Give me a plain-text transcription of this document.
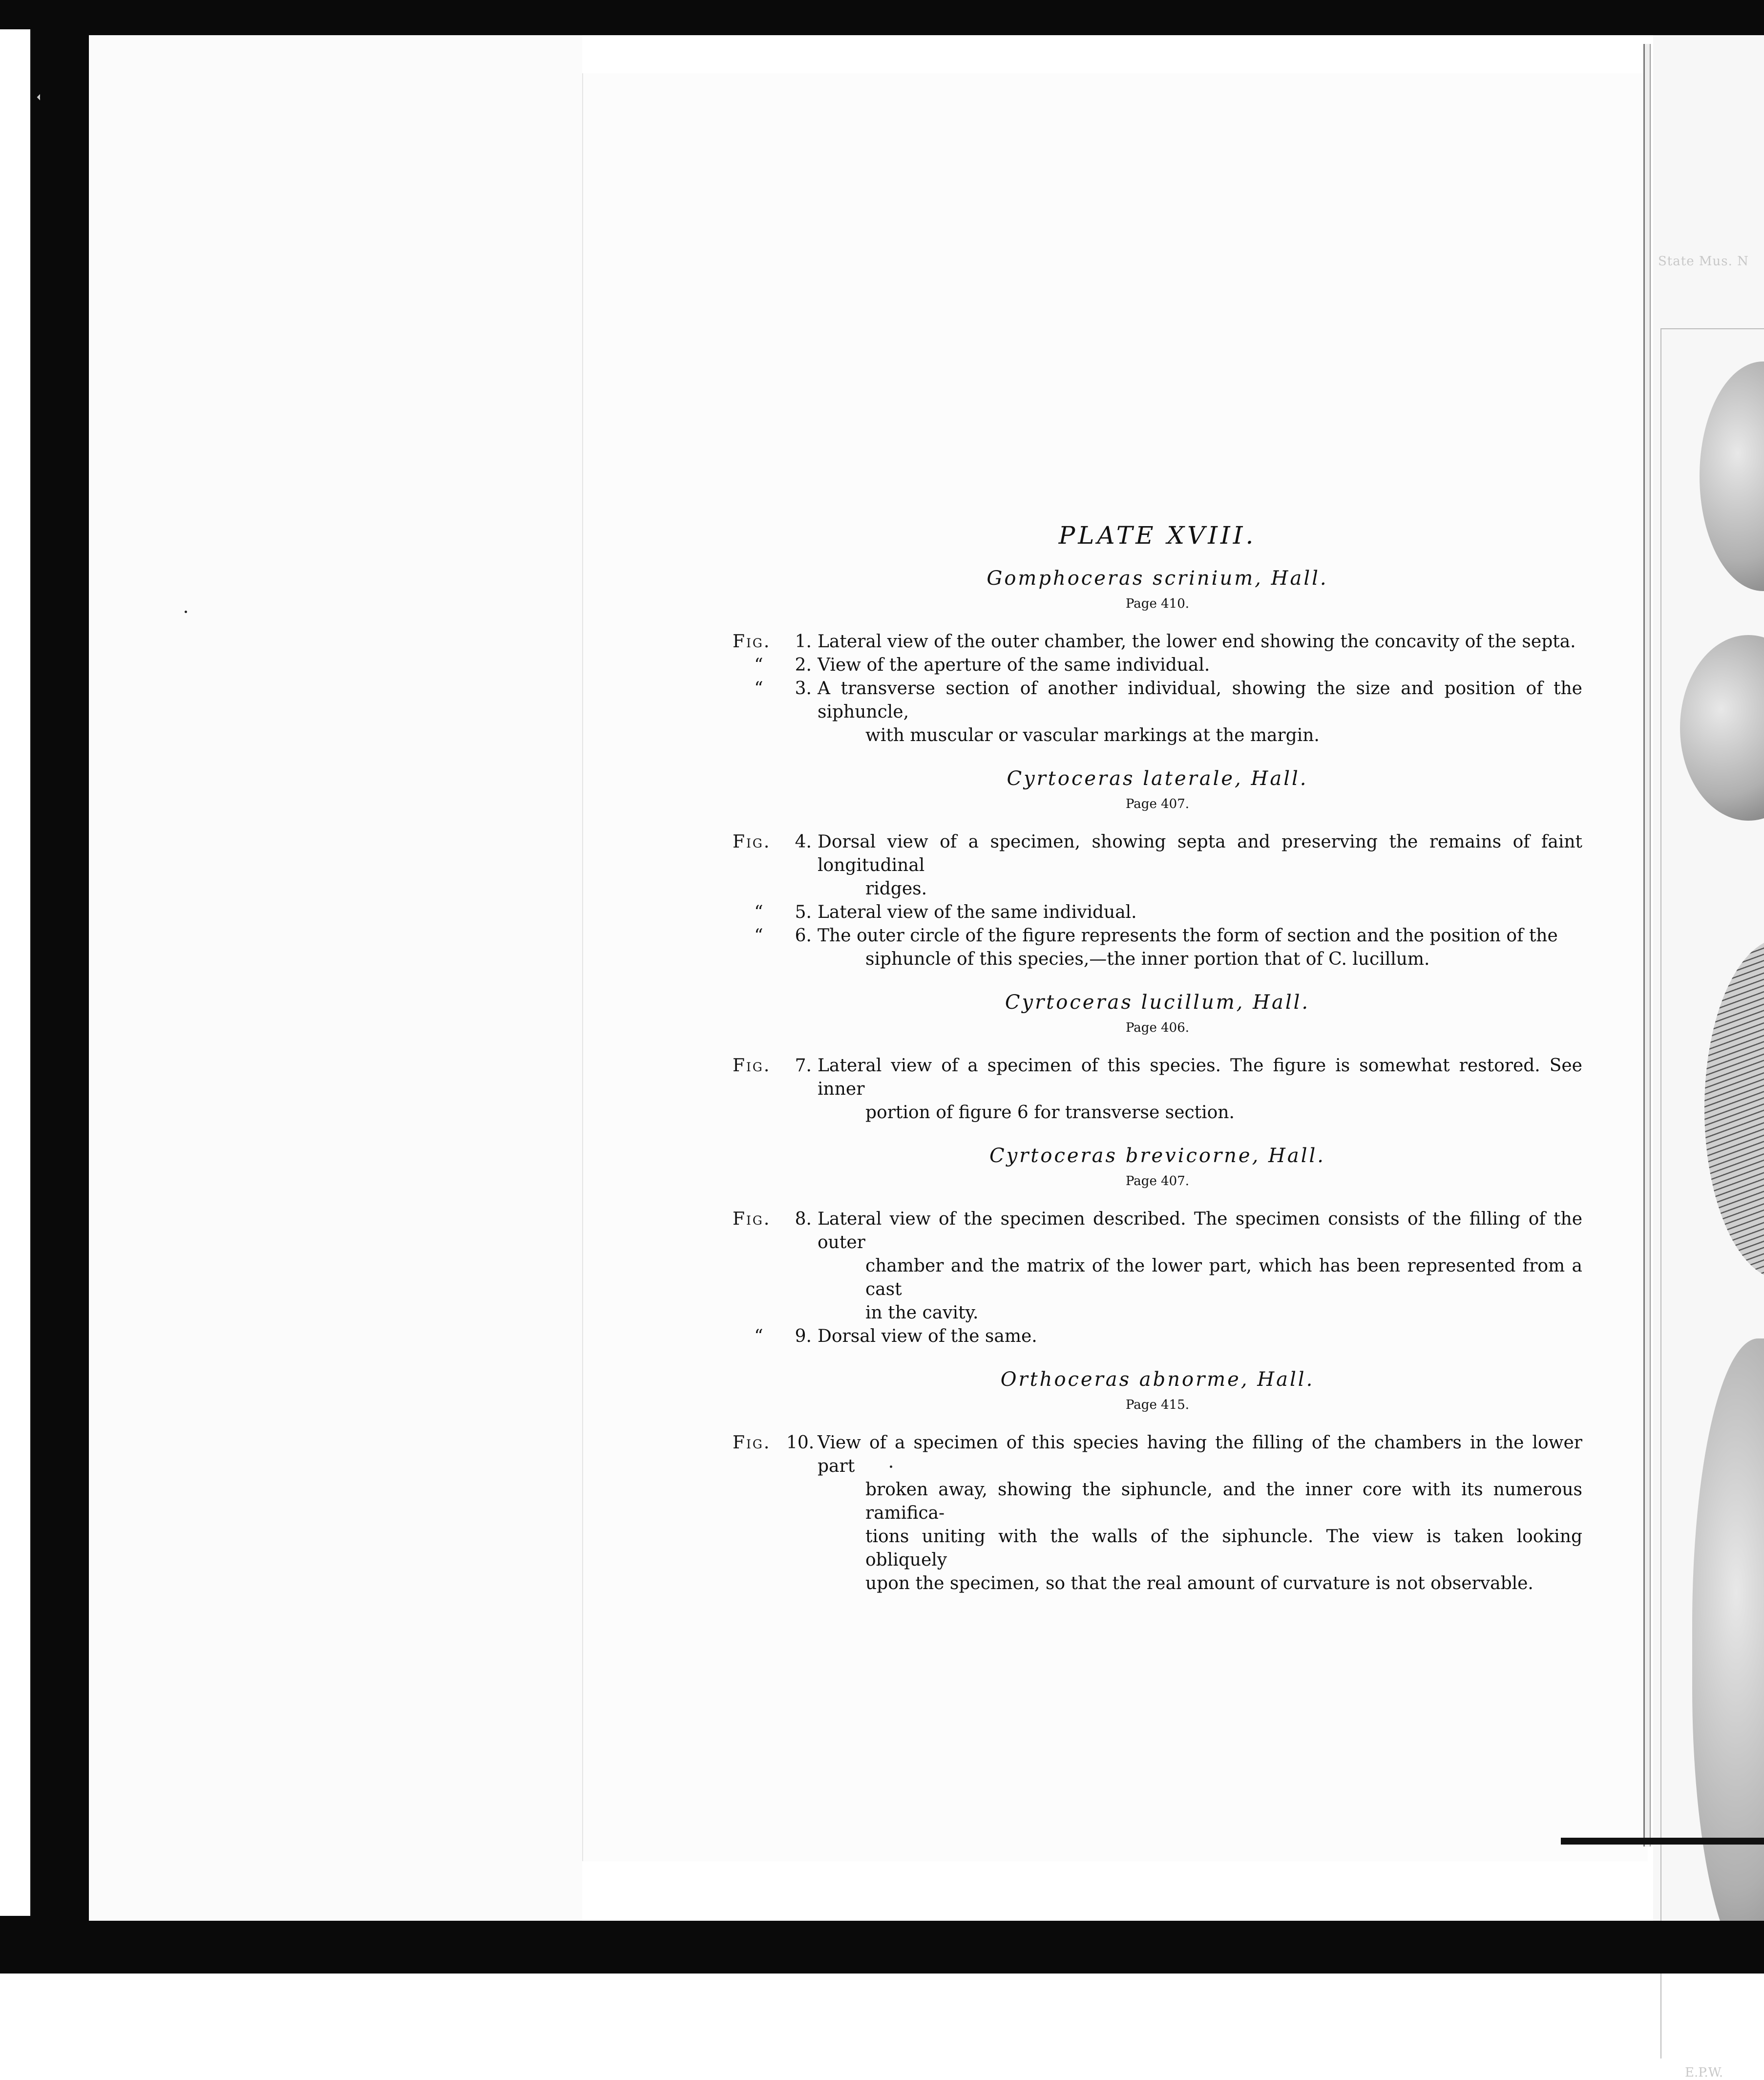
State Mus. N
PLATE XVIII.
Gomphoceras scrinium, Hall.
Page 410.
Fig.	1. Lateral view of the outer chamber, the lower end showing the concavity of the septa.
“	2. View of the aperture of the same individual.
“	3. A transverse section of another individual, showing the size and position of the siphuncle,
with muscular or vascular markings at the margin.
Cyrtoceras laterale, Hall.
Page 407.
Fig.	4. Dorsal view of a specimen, showing septa and preserving the remains of faint longitudinal
ridges.
“	5. Lateral view of the same individual.
“	6. The outer circle of the figure represents the form of section and the position of the
siphuncle of this species,—the inner portion that of C. lucillum.
Cyrtoceras lucillum, Hall.
Page 406.
Fig.	7. Lateral view of a specimen of this species. The figure is somewhat restored. See inner
portion of figure 6 for transverse section.
Cyrtoceras brevicorne, Hall.
Page 407.
Fig.	8. Lateral view of the specimen described. The specimen consists of the filling of the outer
chamber and the matrix of the lower part, which has been represented from a cast
in the cavity.
“	9. Dorsal view of the same.
Orthoceras abnorme, Hall.
Page 415.
Fig. 10. View of a specimen of this species having the filling of the chambers in the lower part
broken away, showing the siphuncle, and the inner core with its numerous ramifica-
tions uniting with the walls of the siphuncle. The view is taken looking obliquely
upon the specimen, so that the real amount of curvature is not observable.
E.P.W.
